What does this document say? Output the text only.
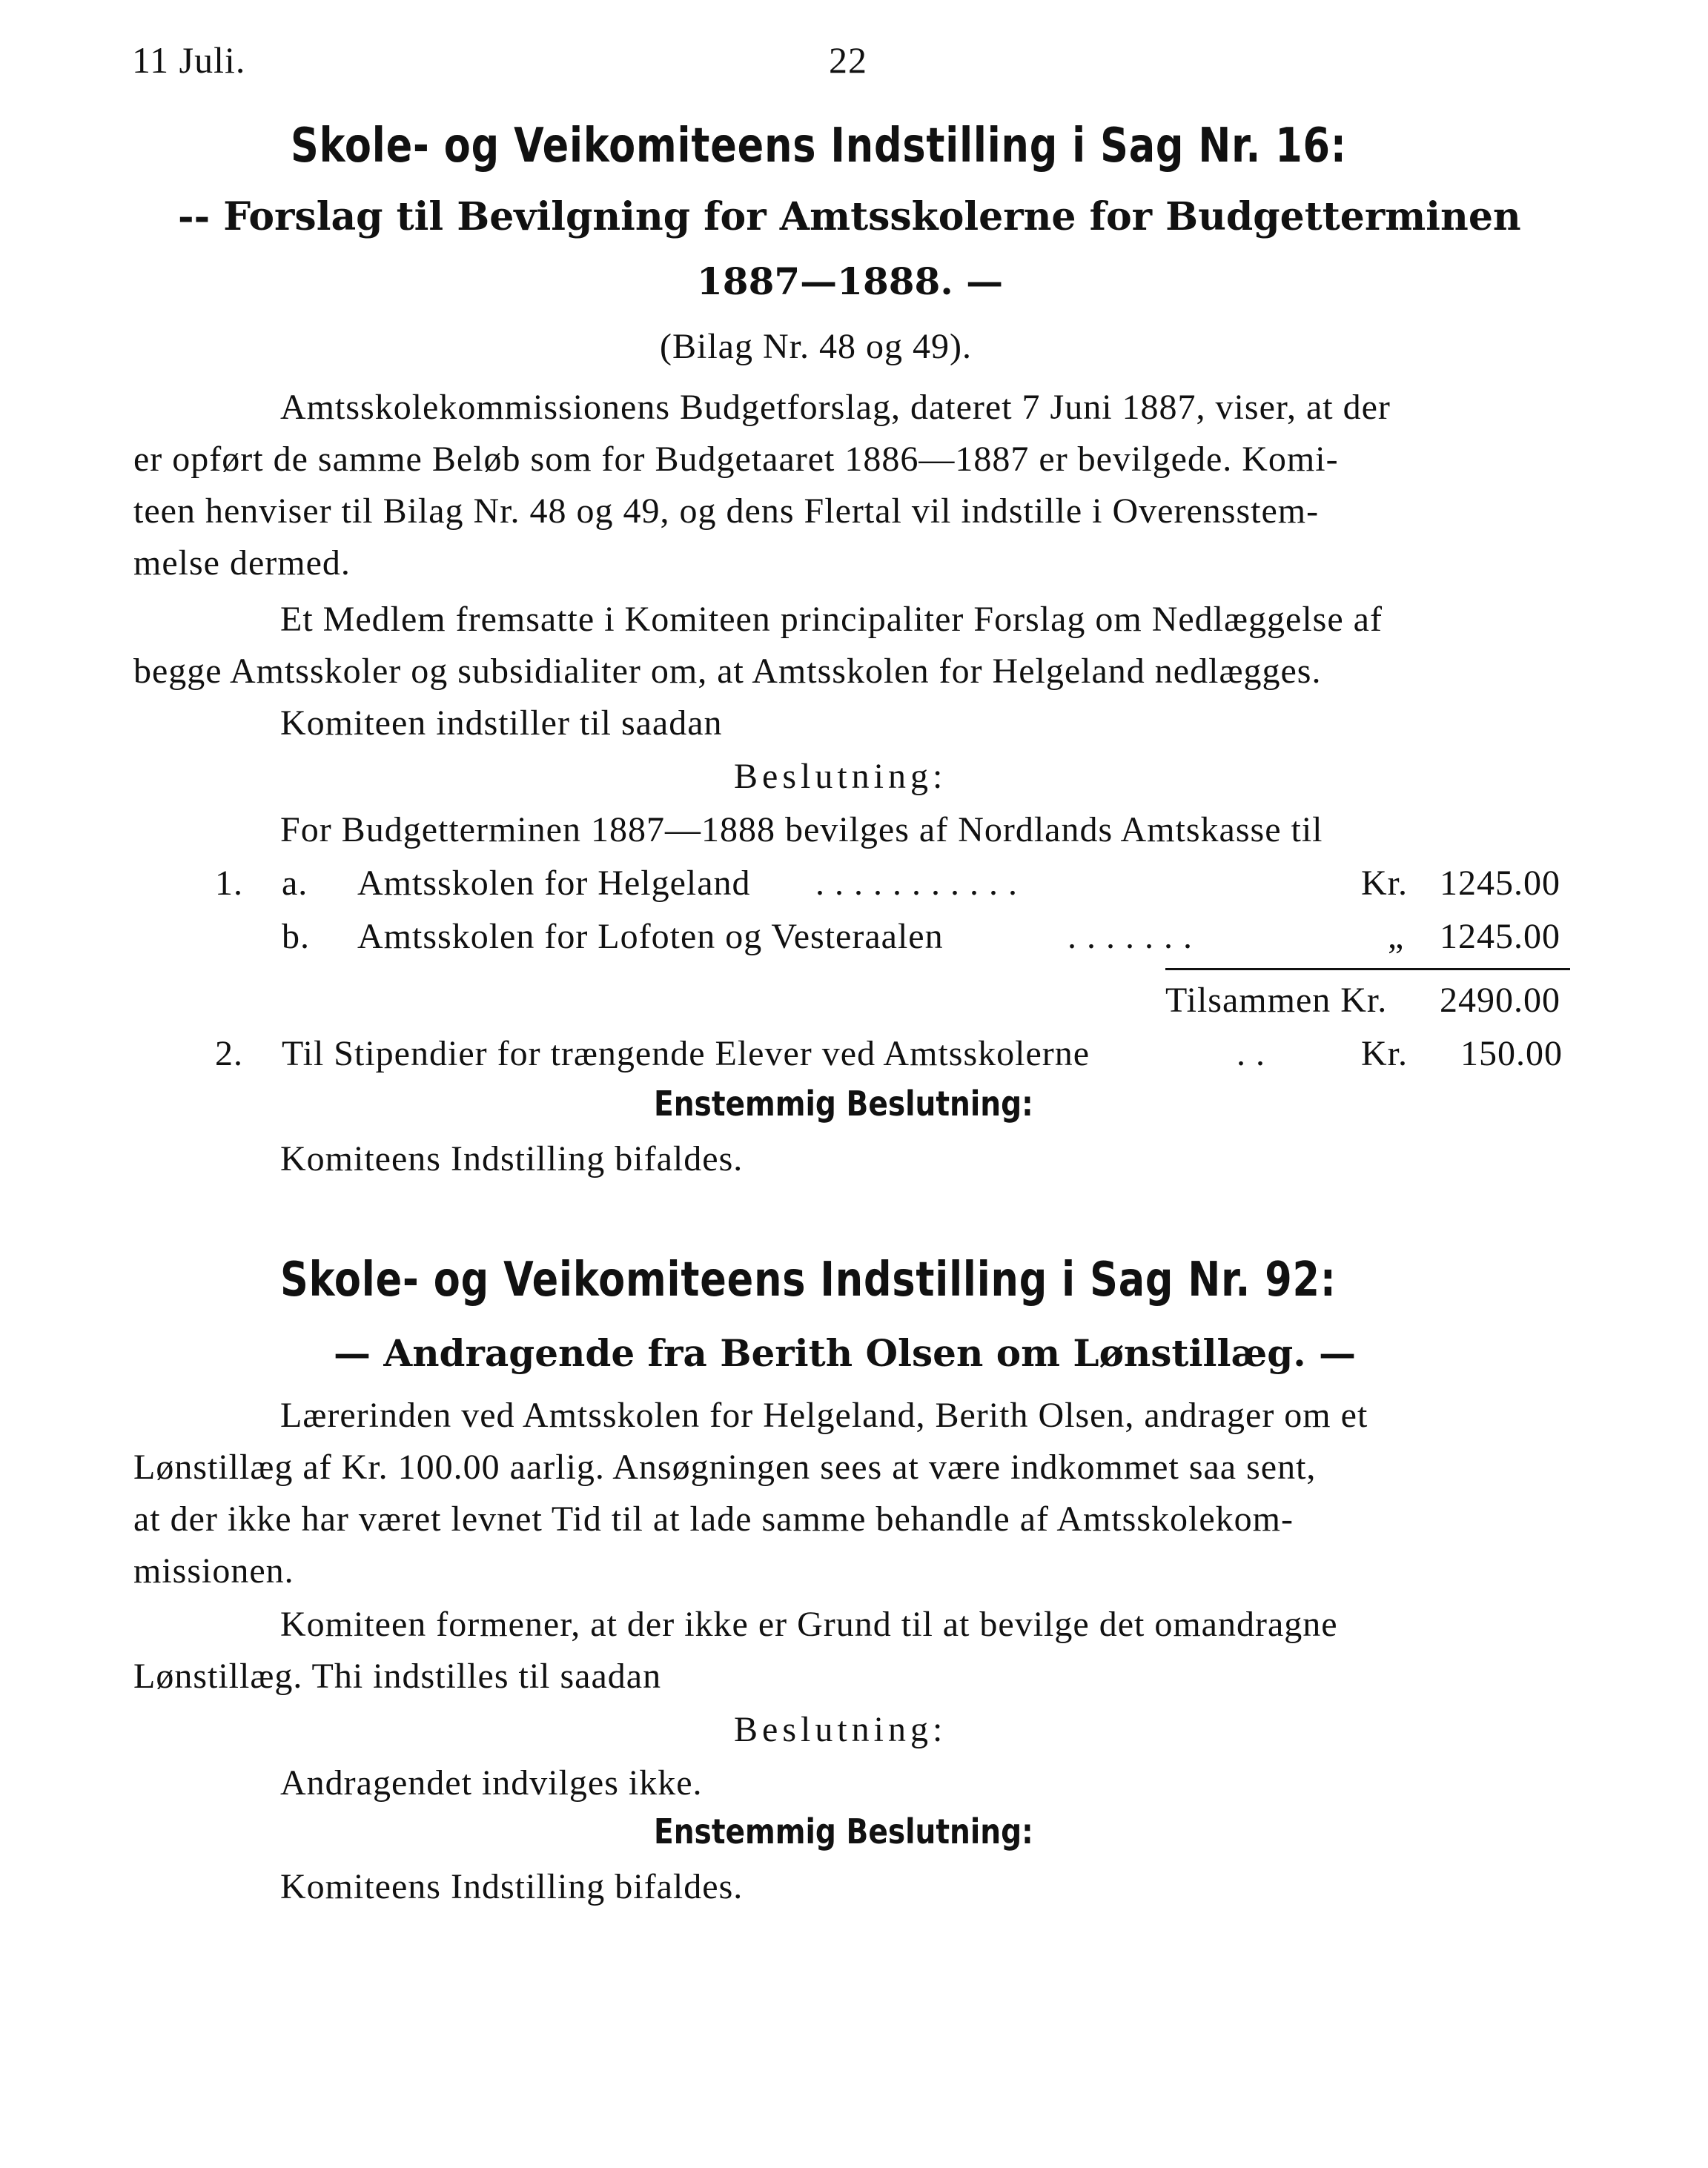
11 Juli.	22
Skole- og Veikomiteens Indstilling i Sag Nr. 16:
-- Forslag til Bevilgning for Amtsskolerne for Budgetterminen
1887—1888. —
(Bilag Nr. 48 og 49).
Amtsskolekommissionens Budgetforslag, dateret 7 Juni 1887, viser, at der
er opført de samme Beløb som for Budgetaaret 1886—1887 er bevilgede. Komi-
teen henviser til Bilag Nr. 48 og 49, og dens Flertal vil indstille i Overensstem-
melse dermed.
Et Medlem fremsatte i Komiteen principaliter Forslag om Nedlæggelse af
begge Amtsskoler og subsidialiter om, at Amtsskolen for Helgeland nedlægges.
Komiteen indstiller til saadan
Beslutning:
For Budgetterminen 1887—1888 bevilges af Nordlands Amtskasse til
1. a. Amtsskolen for Helgeland . . . . . . . . . . .	Kr. 1245.00
b. Amtsskolen for Lofoten og Vesteraalen	. . . . . . .	„ 1245.00
Tilsammen Kr. 2490.00
2. Til Stipendier for trængende Elever ved Amtsskolerne	. .	Kr. 150.00
Enstemmig Beslutning:
Komiteens Indstilling bifaldes.
Skole- og Veikomiteens Indstilling i Sag Nr. 92:
— Andragende fra Berith Olsen om Lønstillæg. —
Lærerinden ved Amtsskolen for Helgeland, Berith Olsen, andrager om et
Lønstillæg af Kr. 100.00 aarlig. Ansøgningen sees at være indkommet saa sent,
at der ikke har været levnet Tid til at lade samme behandle af Amtsskolekom-
missionen.
Komiteen formener, at der ikke er Grund til at bevilge det omandragne
Lønstillæg. Thi indstilles til saadan
Beslutning:
Andragendet indvilges ikke.
Enstemmig Beslutning:
Komiteens Indstilling bifaldes.
